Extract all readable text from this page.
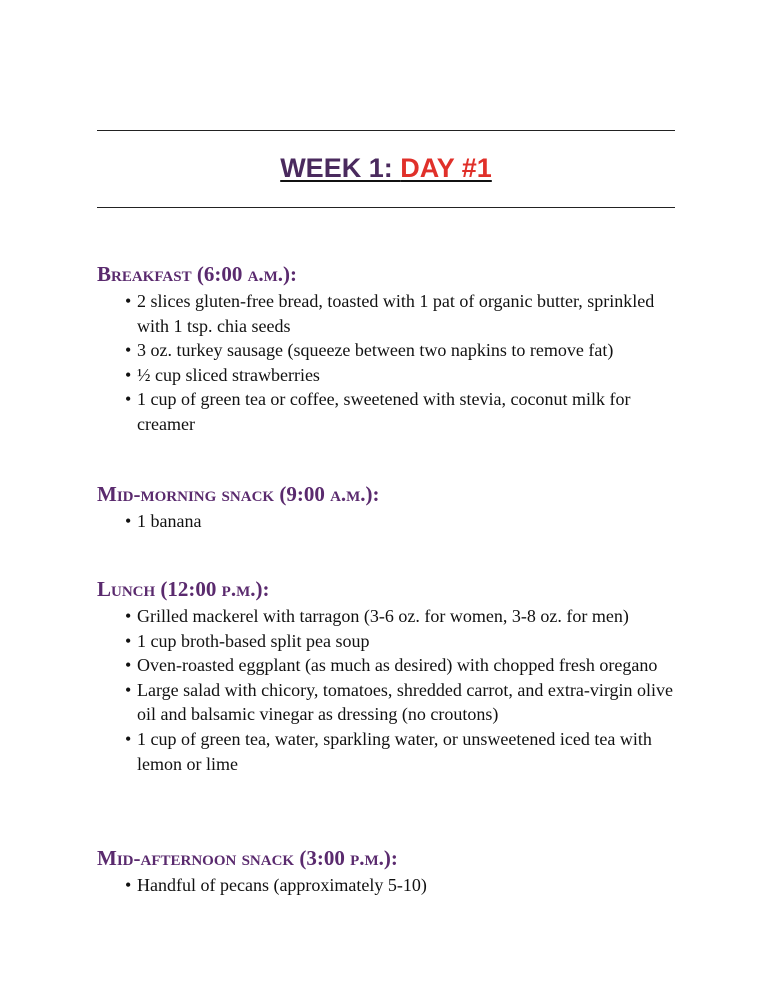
WEEK 1: DAY #1

Breakfast (6:00 a.m.):

• 2 slices gluten-free bread, toasted with 1 pat of organic butter, sprinkled with 1 tsp. chia seeds
• 3 oz. turkey sausage (squeeze between two napkins to remove fat)
• ½ cup sliced strawberries
• 1 cup of green tea or coffee, sweetened with stevia, coconut milk for creamer

Mid-morning snack (9:00 a.m.):

• 1 banana

Lunch (12:00 p.m.):

• Grilled mackerel with tarragon (3-6 oz. for women, 3-8 oz. for men)
• 1 cup broth-based split pea soup
• Oven-roasted eggplant (as much as desired) with chopped fresh oregano
• Large salad with chicory, tomatoes, shredded carrot, and extra-virgin olive oil and balsamic vinegar as dressing (no croutons)
• 1 cup of green tea, water, sparkling water, or unsweetened iced tea with lemon or lime

Mid-afternoon snack (3:00 p.m.):

• Handful of pecans (approximately 5-10)
